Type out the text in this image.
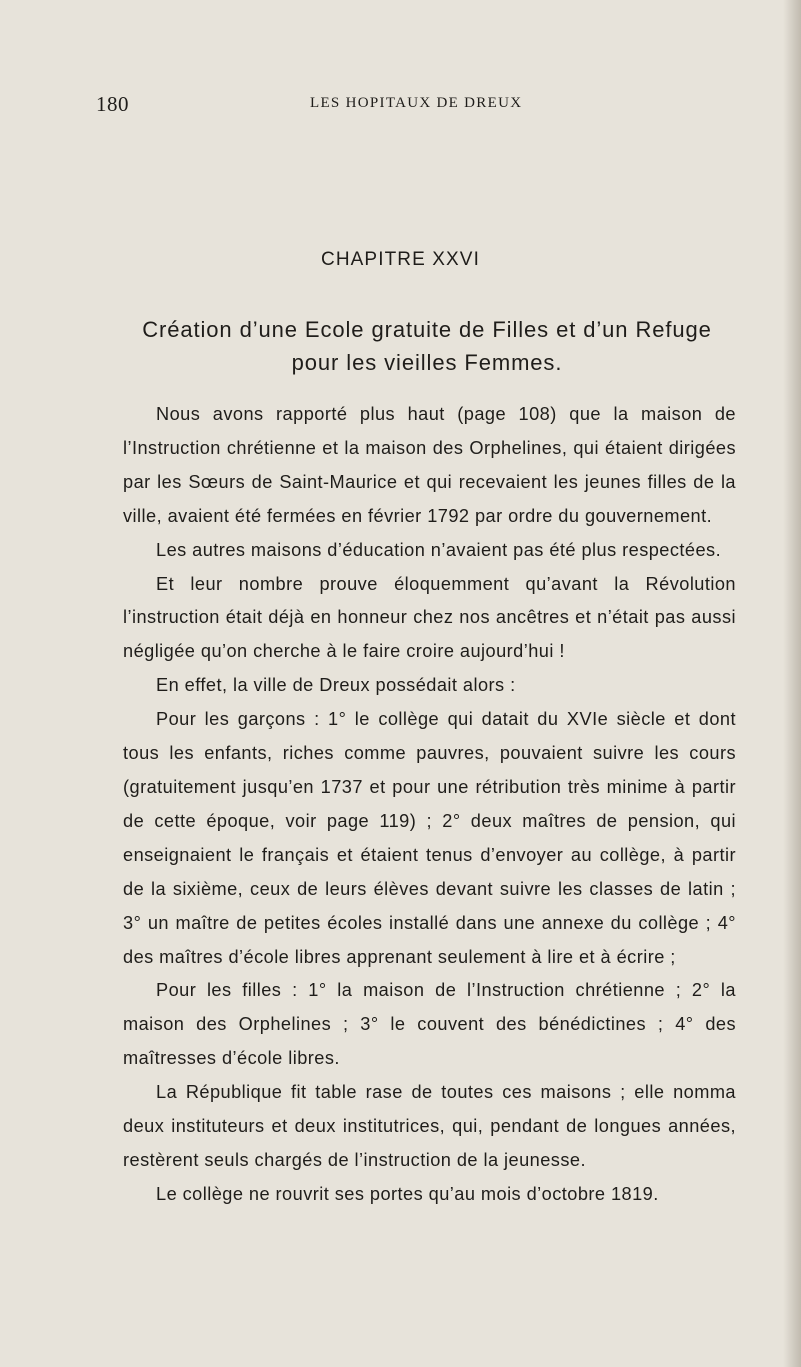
180	LES HOPITAUX DE DREUX
CHAPITRE XXVI
Création d’une Ecole gratuite de Filles et d’un Refuge
pour les vieilles Femmes.

Nous avons rapporté plus haut (page 108) que la maison de l’Instruction chrétienne et la maison des Orphelines, qui étaient dirigées par les Sœurs de Saint-Maurice et qui recevaient les jeunes filles de la ville, avaient été fermées en février 1792 par ordre du gouvernement.

Les autres maisons d’éducation n’avaient pas été plus respectées.

Et leur nombre prouve éloquemment qu’avant la Révolution l’instruction était déjà en honneur chez nos ancêtres et n’était pas aussi négligée qu’on cherche à le faire croire aujourd’hui !

En effet, la ville de Dreux possédait alors :

Pour les garçons : 1° le collège qui datait du XVIe siècle et dont tous les enfants, riches comme pauvres, pouvaient suivre les cours (gratuitement jusqu’en 1737 et pour une rétribution très minime à partir de cette époque, voir page 119) ; 2° deux maîtres de pension, qui enseignaient le français et étaient tenus d’envoyer au collège, à partir de la sixième, ceux de leurs élèves devant suivre les classes de latin ; 3° un maître de petites écoles installé dans une annexe du collège ; 4° des maîtres d’école libres apprenant seulement à lire et à écrire ;

Pour les filles : 1° la maison de l’Instruction chrétienne ; 2° la maison des Orphelines ; 3° le couvent des bénédictines ; 4° des maîtresses d’école libres.

La République fit table rase de toutes ces maisons ; elle nomma deux instituteurs et deux institutrices, qui, pendant de longues années, restèrent seuls chargés de l’instruction de la jeunesse.

Le collège ne rouvrit ses portes qu’au mois d’octobre 1819.
